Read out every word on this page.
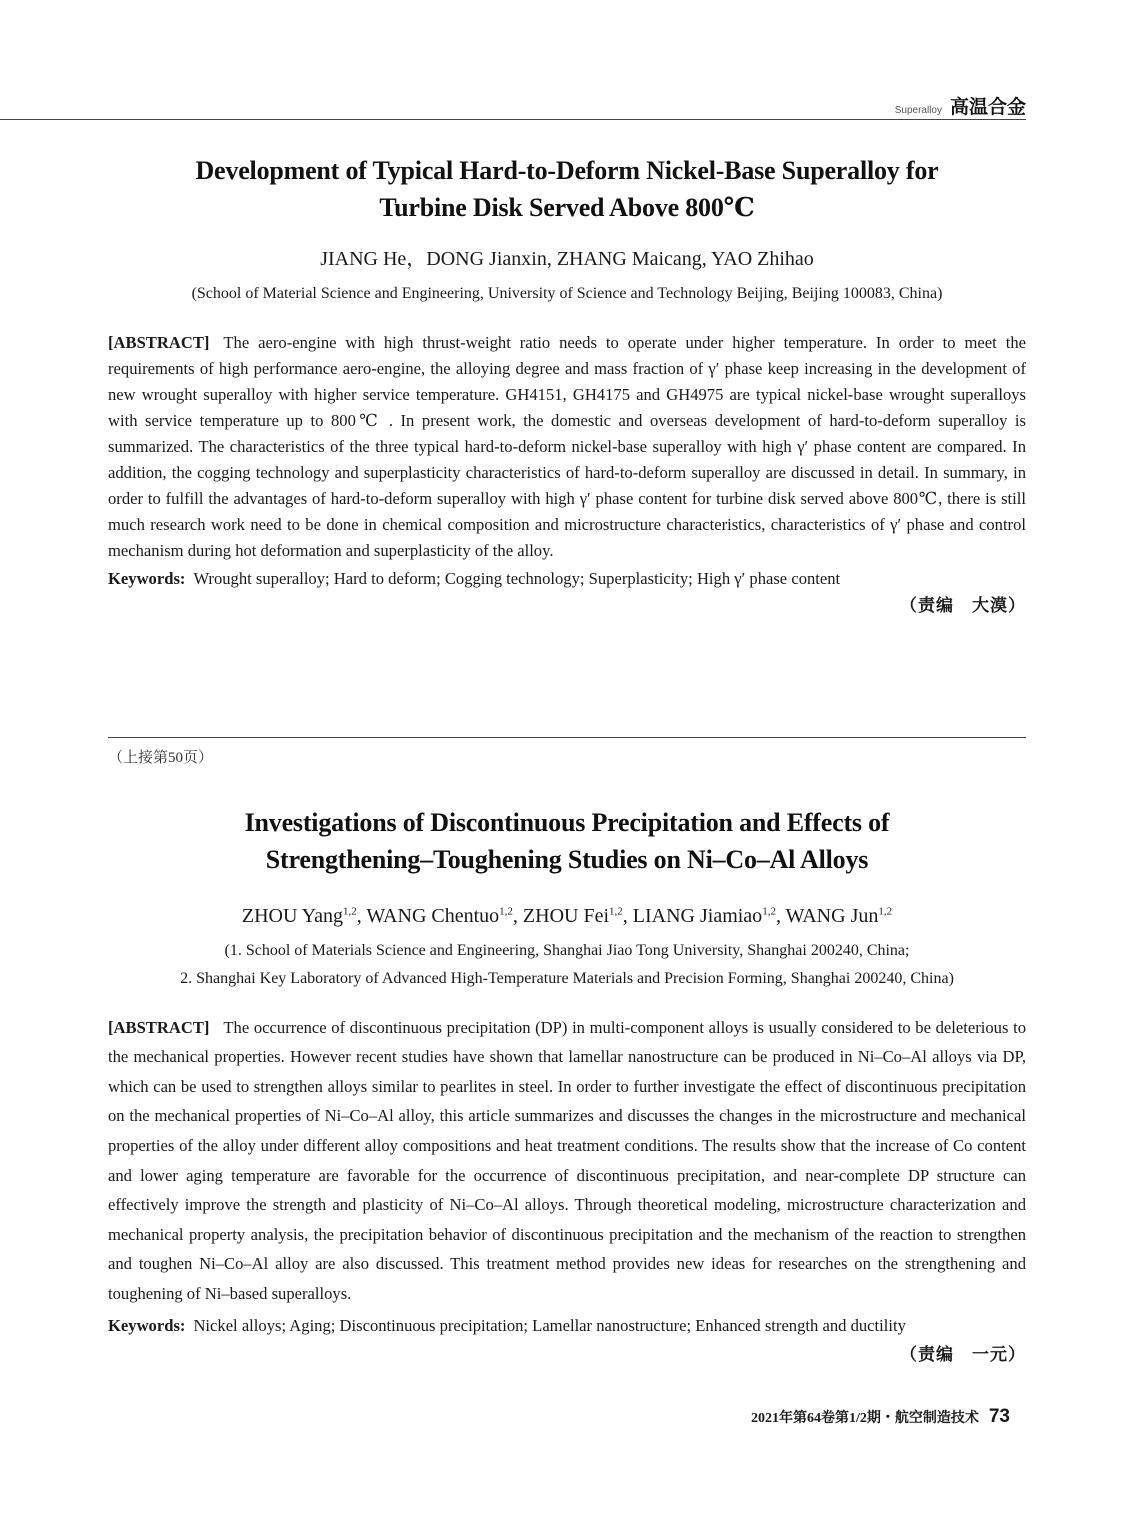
Superalloy 高温合金
Development of Typical Hard-to-Deform Nickel-Base Superalloy for
Turbine Disk Served Above 800℃
JIANG He，DONG Jianxin, ZHANG Maicang, YAO Zhihao
(School of Material Science and Engineering, University of Science and Technology Beijing, Beijing 100083, China)
[ABSTRACT] The aero-engine with high thrust-weight ratio needs to operate under higher temperature. In order to meet the requirements of high performance aero-engine, the alloying degree and mass fraction of γ′ phase keep increasing in the development of new wrought superalloy with higher service temperature. GH4151, GH4175 and GH4975 are typical nickel-base wrought superalloys with service temperature up to 800℃ . In present work, the domestic and overseas development of hard-to-deform superalloy is summarized. The characteristics of the three typical hard-to-deform nickel-base superalloy with high γ′ phase content are compared. In addition, the cogging technology and superplasticity characteristics of hard-to-deform superalloy are discussed in detail. In summary, in order to fulfill the advantages of hard-to-deform superalloy with high γ′ phase content for turbine disk served above 800℃, there is still much research work need to be done in chemical composition and microstructure characteristics, characteristics of γ′ phase and control mechanism during hot deformation and superplasticity of the alloy.
Keywords: Wrought superalloy; Hard to deform; Cogging technology; Superplasticity; High γ′ phase content
（责编　大漠）
（上接第50页）
Investigations of Discontinuous Precipitation and Effects of
Strengthening–Toughening Studies on Ni–Co–Al Alloys
ZHOU Yang$^{1,2}$, WANG Chentuo$^{1,2}$, ZHOU Fei$^{1,2}$, LIANG Jiamiao$^{1,2}$, WANG Jun$^{1,2}$
(1. School of Materials Science and Engineering, Shanghai Jiao Tong University, Shanghai 200240, China;
2. Shanghai Key Laboratory of Advanced High-Temperature Materials and Precision Forming, Shanghai 200240, China)
[ABSTRACT] The occurrence of discontinuous precipitation (DP) in multi-component alloys is usually considered to be deleterious to the mechanical properties. However recent studies have shown that lamellar nanostructure can be produced in Ni–Co–Al alloys via DP, which can be used to strengthen alloys similar to pearlites in steel. In order to further investigate the effect of discontinuous precipitation on the mechanical properties of Ni–Co–Al alloy, this article summarizes and discusses the changes in the microstructure and mechanical properties of the alloy under different alloy compositions and heat treatment conditions. The results show that the increase of Co content and lower aging temperature are favorable for the occurrence of discontinuous precipitation, and near-complete DP structure can effectively improve the strength and plasticity of Ni–Co–Al alloys. Through theoretical modeling, microstructure characterization and mechanical property analysis, the precipitation behavior of discontinuous precipitation and the mechanism of the reaction to strengthen and toughen Ni–Co–Al alloy are also discussed. This treatment method provides new ideas for researches on the strengthening and toughening of Ni–based superalloys.
Keywords: Nickel alloys; Aging; Discontinuous precipitation; Lamellar nanostructure; Enhanced strength and ductility
（责编　一元）
2021年第64卷第1/2期・航空制造技术 73
